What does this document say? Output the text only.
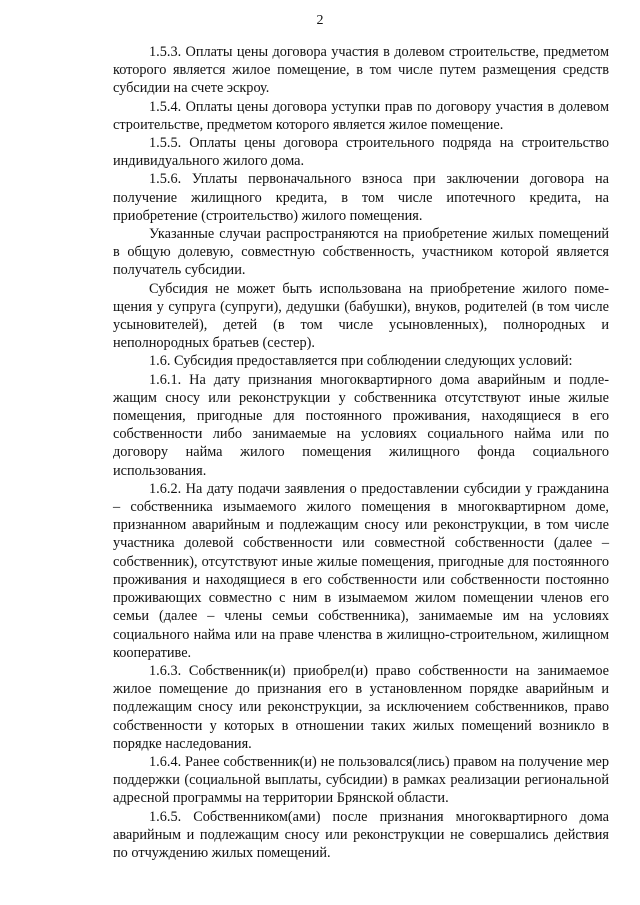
2

1.5.3. Оплаты цены договора участия в долевом строительстве, предметом которого является жилое помещение, в том числе путем размещения средств субсидии на счете эскроу.

1.5.4. Оплаты цены договора уступки прав по договору участия в долевом строительстве, предметом которого является жилое помещение.

1.5.5. Оплаты цены договора строительного подряда на строительство индивидуального жилого дома.

1.5.6. Уплаты первоначального взноса при заключении договора на получение жилищного кредита, в том числе ипотечного кредита, на приобретение (строительство) жилого помещения.

Указанные случаи распространяются на приобретение жилых помещений в общую долевую, совместную собственность, участником которой является получатель субсидии.

Субсидия не может быть использована на приобретение жилого помещения у супруга (супруги), дедушки (бабушки), внуков, родителей (в том числе усыновителей), детей (в том числе усыновленных), полнородных и неполнородных братьев (сестер).

1.6. Субсидия предоставляется при соблюдении следующих условий:

1.6.1. На дату признания многоквартирного дома аварийным и подлежащим сносу или реконструкции у собственника отсутствуют иные жилые помещения, пригодные для постоянного проживания, находящиеся в его собственности либо занимаемые на условиях социального найма или по договору найма жилого помещения жилищного фонда социального использования.

1.6.2. На дату подачи заявления о предоставлении субсидии у гражданина – собственника изымаемого жилого помещения в многоквартирном доме, признанном аварийным и подлежащим сносу или реконструкции, в том числе участника долевой собственности или совместной собственности (далее – собственник), отсутствуют иные жилые помещения, пригодные для постоянного проживания и находящиеся в его собственности или собственности постоянно проживающих совместно с ним в изымаемом жилом помещении членов его семьи (далее – члены семьи собственника), занимаемые им на условиях социального найма или на праве членства в жилищно-строительном, жилищном кооперативе.

1.6.3. Собственник(и) приобрел(и) право собственности на занимаемое жилое помещение до признания его в установленном порядке аварийным и подлежащим сносу или реконструкции, за исключением собственников, право собственности у которых в отношении таких жилых помещений возникло в порядке наследования.

1.6.4. Ранее собственник(и) не пользовался(лись) правом на получение мер поддержки (социальной выплаты, субсидии) в рамках реализации региональной адресной программы на территории Брянской области.

1.6.5. Собственником(ами) после признания многоквартирного дома аварийным и подлежащим сносу или реконструкции не совершались действия по отчуждению жилых помещений.
